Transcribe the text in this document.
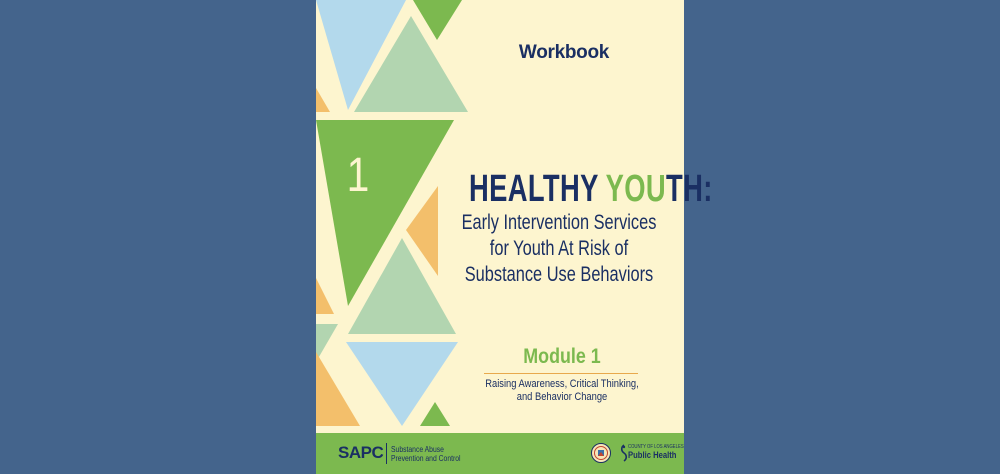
Workbook
1	HEALTHY YOUTH:
Early Intervention Services
for Youth At Risk of
Substance Use Behaviors
Module 1
Raising Awareness, Critical Thinking,
and Behavior Change
SAPC Substance Abuse
Prevention and Control
COUNTY OF LOS ANGELES
Public Health
